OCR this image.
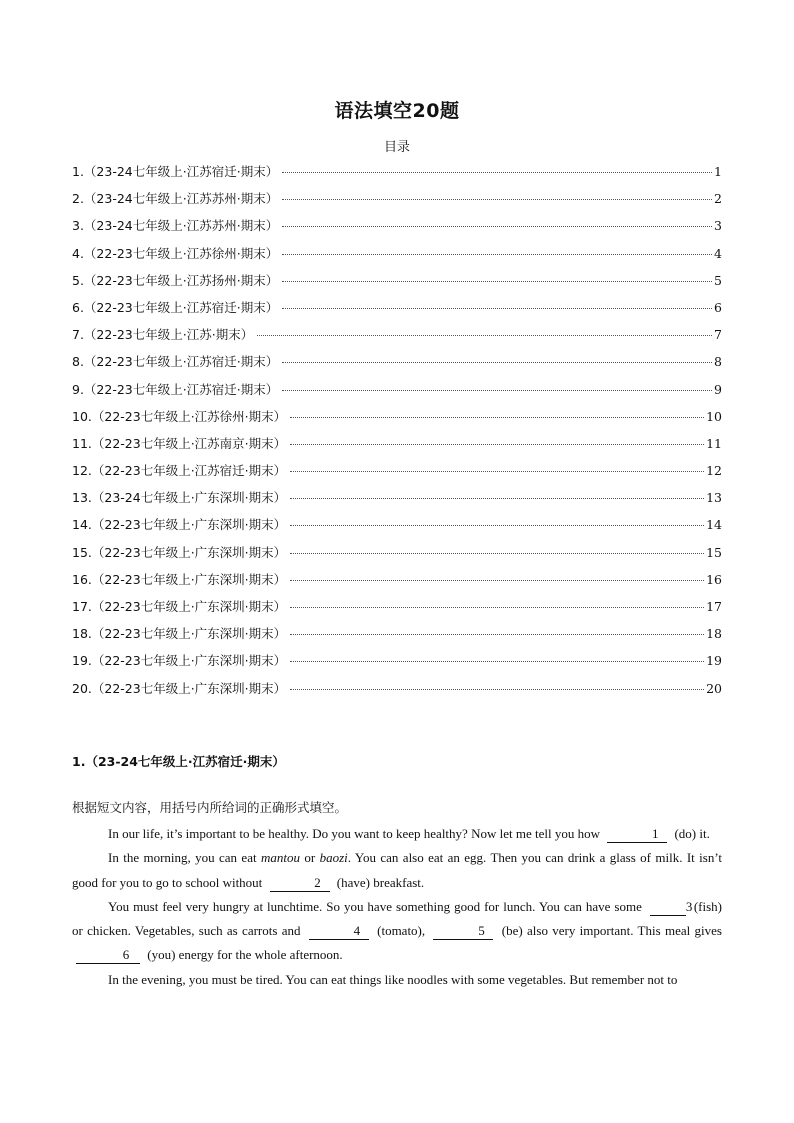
语法填空20题
目录
1.（23-24七年级上·江苏宿迁·期末）	1
2.（23-24七年级上·江苏苏州·期末）	2
3.（23-24七年级上·江苏苏州·期末）	3
4.（22-23七年级上·江苏徐州·期末）	4
5.（22-23七年级上·江苏扬州·期末）	5
6.（22-23七年级上·江苏宿迁·期末）	6
7.（22-23七年级上·江苏·期末）	7
8.（22-23七年级上·江苏宿迁·期末）	8
9.（22-23七年级上·江苏宿迁·期末）	9
10.（22-23七年级上·江苏徐州·期末）	10
11.（22-23七年级上·江苏南京·期末）	11
12.（22-23七年级上·江苏宿迁·期末）	12
13.（23-24七年级上·广东深圳·期末）	13
14.（22-23七年级上·广东深圳·期末）	14
15.（22-23七年级上·广东深圳·期末）	15
16.（22-23七年级上·广东深圳·期末）	16
17.（22-23七年级上·广东深圳·期末）	17
18.（22-23七年级上·广东深圳·期末）	18
19.（22-23七年级上·广东深圳·期末）	19
20.（22-23七年级上·广东深圳·期末）	20
1.（23-24七年级上·江苏宿迁·期末）
根据短文内容，用括号内所给词的正确形式填空。

In our life, it’s important to be healthy. Do you want to keep healthy? Now let me tell you how	1 (do) it.

In the morning, you can eat mantou or baozi. You can also eat an egg. Then you can drink a glass of milk. It isn’t good for you to go to school without	2 (have) breakfast.

You must feel very hungry at lunchtime. So you have something good for lunch. You can have some	3 (fish) or chicken. Vegetables, such as carrots and	4 (tomato),	5 (be) also very important. This meal gives 6 (you) energy for the whole afternoon.

In the evening, you must be tired. You can eat things like noodles with some vegetables. But remember not to
